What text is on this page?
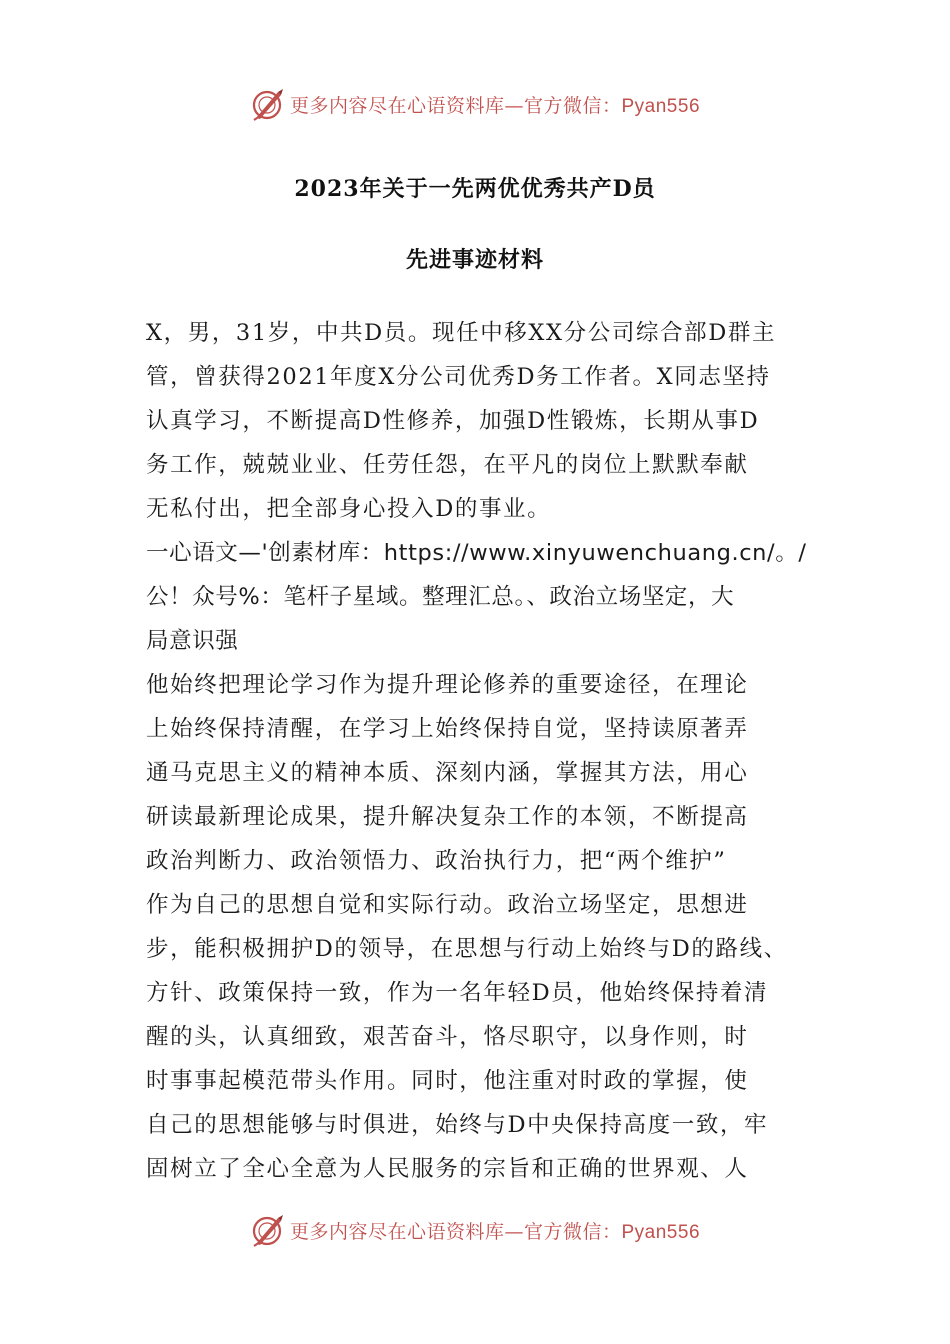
更多内容尽在心语资料库—官方微信：Pyan556
2023年关于一先两优优秀共产D员
先进事迹材料
X，男，31岁，中共D员。现任中移XX分公司综合部D群主
管，曾获得2021年度X分公司优秀D务工作者。X同志坚持
认真学习，不断提高D性修养，加强D性锻炼，长期从事D
务工作，兢兢业业、任劳任怨，在平凡的岗位上默默奉献
无私付出，把全部身心投入D的事业。
一心语文—'创素材库：https://www.xinyuwenchuang.cn/。/
公！众号%：笔杆子星域。整理汇总。、政治立场坚定，大
局意识强
他始终把理论学习作为提升理论修养的重要途径，在理论
上始终保持清醒，在学习上始终保持自觉，坚持读原著弄
通马克思主义的精神本质、深刻内涵，掌握其方法，用心
研读最新理论成果，提升解决复杂工作的本领，不断提高
政治判断力、政治领悟力、政治执行力，把“两个维护”
作为自己的思想自觉和实际行动。政治立场坚定，思想进
步，能积极拥护D的领导，在思想与行动上始终与D的路线、
方针、政策保持一致，作为一名年轻D员，他始终保持着清
醒的头，认真细致，艰苦奋斗，恪尽职守，以身作则，时
时事事起模范带头作用。同时，他注重对时政的掌握，使
自己的思想能够与时俱进，始终与D中央保持高度一致，牢
固树立了全心全意为人民服务的宗旨和正确的世界观、人
更多内容尽在心语资料库—官方微信：Pyan556
